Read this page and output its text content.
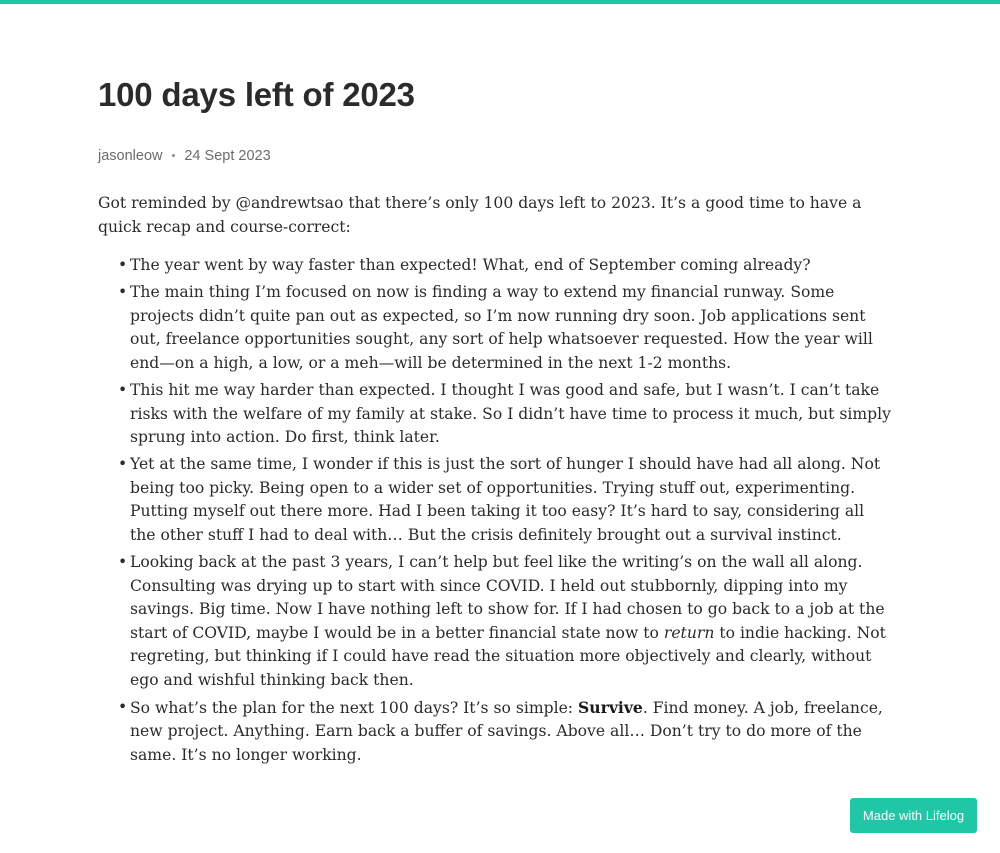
100 days left of 2023
jasonleow • 24 Sept 2023

Got reminded by @andrewtsao that there’s only 100 days left to 2023. It’s a good time to have a quick recap and course-correct:

• The year went by way faster than expected! What, end of September coming already?
• The main thing I’m focused on now is finding a way to extend my financial runway. Some projects didn’t quite pan out as expected, so I’m now running dry soon. Job applications sent out, freelance opportunities sought, any sort of help whatsoever requested. How the year will end—on a high, a low, or a meh—will be determined in the next 1-2 months.
• This hit me way harder than expected. I thought I was good and safe, but I wasn’t. I can’t take risks with the welfare of my family at stake. So I didn’t have time to process it much, but simply sprung into action. Do first, think later.
• Yet at the same time, I wonder if this is just the sort of hunger I should have had all along. Not being too picky. Being open to a wider set of opportunities. Trying stuff out, experimenting. Putting myself out there more. Had I been taking it too easy? It’s hard to say, considering all the other stuff I had to deal with… But the crisis definitely brought out a survival instinct.
• Looking back at the past 3 years, I can’t help but feel like the writing’s on the wall all along. Consulting was drying up to start with since COVID. I held out stubbornly, dipping into my savings. Big time. Now I have nothing left to show for. If I had chosen to go back to a job at the start of COVID, maybe I would be in a better financial state now to return to indie hacking. Not regreting, but thinking if I could have read the situation more objectively and clearly, without ego and wishful thinking back then.
• So what’s the plan for the next 100 days? It’s so simple: Survive. Find money. A job, freelance, new project. Anything. Earn back a buffer of savings. Above all… Don’t try to do more of the same. It’s no longer working.
Made with Lifelog
